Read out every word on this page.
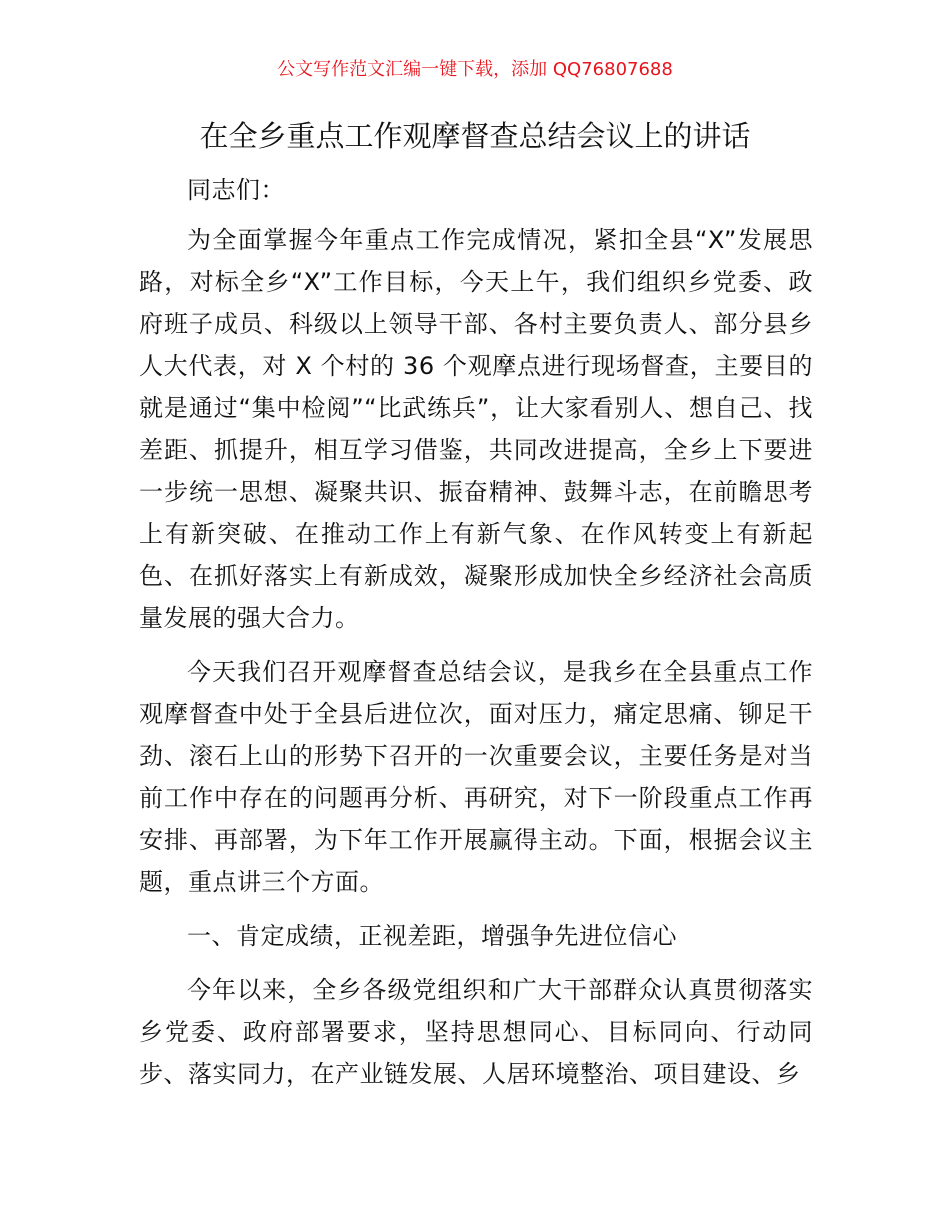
公文写作范文汇编一键下载，添加 QQ76807688
在全乡重点工作观摩督查总结会议上的讲话

同志们：

为全面掌握今年重点工作完成情况，紧扣全县“X”发展思路，对标全乡“X”工作目标，今天上午，我们组织乡党委、政府班子成员、科级以上领导干部、各村主要负责人、部分县乡人大代表，对 X 个村的 36 个观摩点进行现场督查，主要目的就是通过“集中检阅”“比武练兵”，让大家看别人、想自己、找差距、抓提升，相互学习借鉴，共同改进提高，全乡上下要进一步统一思想、凝聚共识、振奋精神、鼓舞斗志，在前瞻思考上有新突破、在推动工作上有新气象、在作风转变上有新起色、在抓好落实上有新成效，凝聚形成加快全乡经济社会高质量发展的强大合力。

今天我们召开观摩督查总结会议，是我乡在全县重点工作观摩督查中处于全县后进位次，面对压力，痛定思痛、铆足干劲、滚石上山的形势下召开的一次重要会议，主要任务是对当前工作中存在的问题再分析、再研究，对下一阶段重点工作再安排、再部署，为下年工作开展赢得主动。下面，根据会议主题，重点讲三个方面。

一、肯定成绩，正视差距，增强争先进位信心

今年以来，全乡各级党组织和广大干部群众认真贯彻落实乡党委、政府部署要求，坚持思想同心、目标同向、行动同步、落实同力，在产业链发展、人居环境整治、项目建设、乡
